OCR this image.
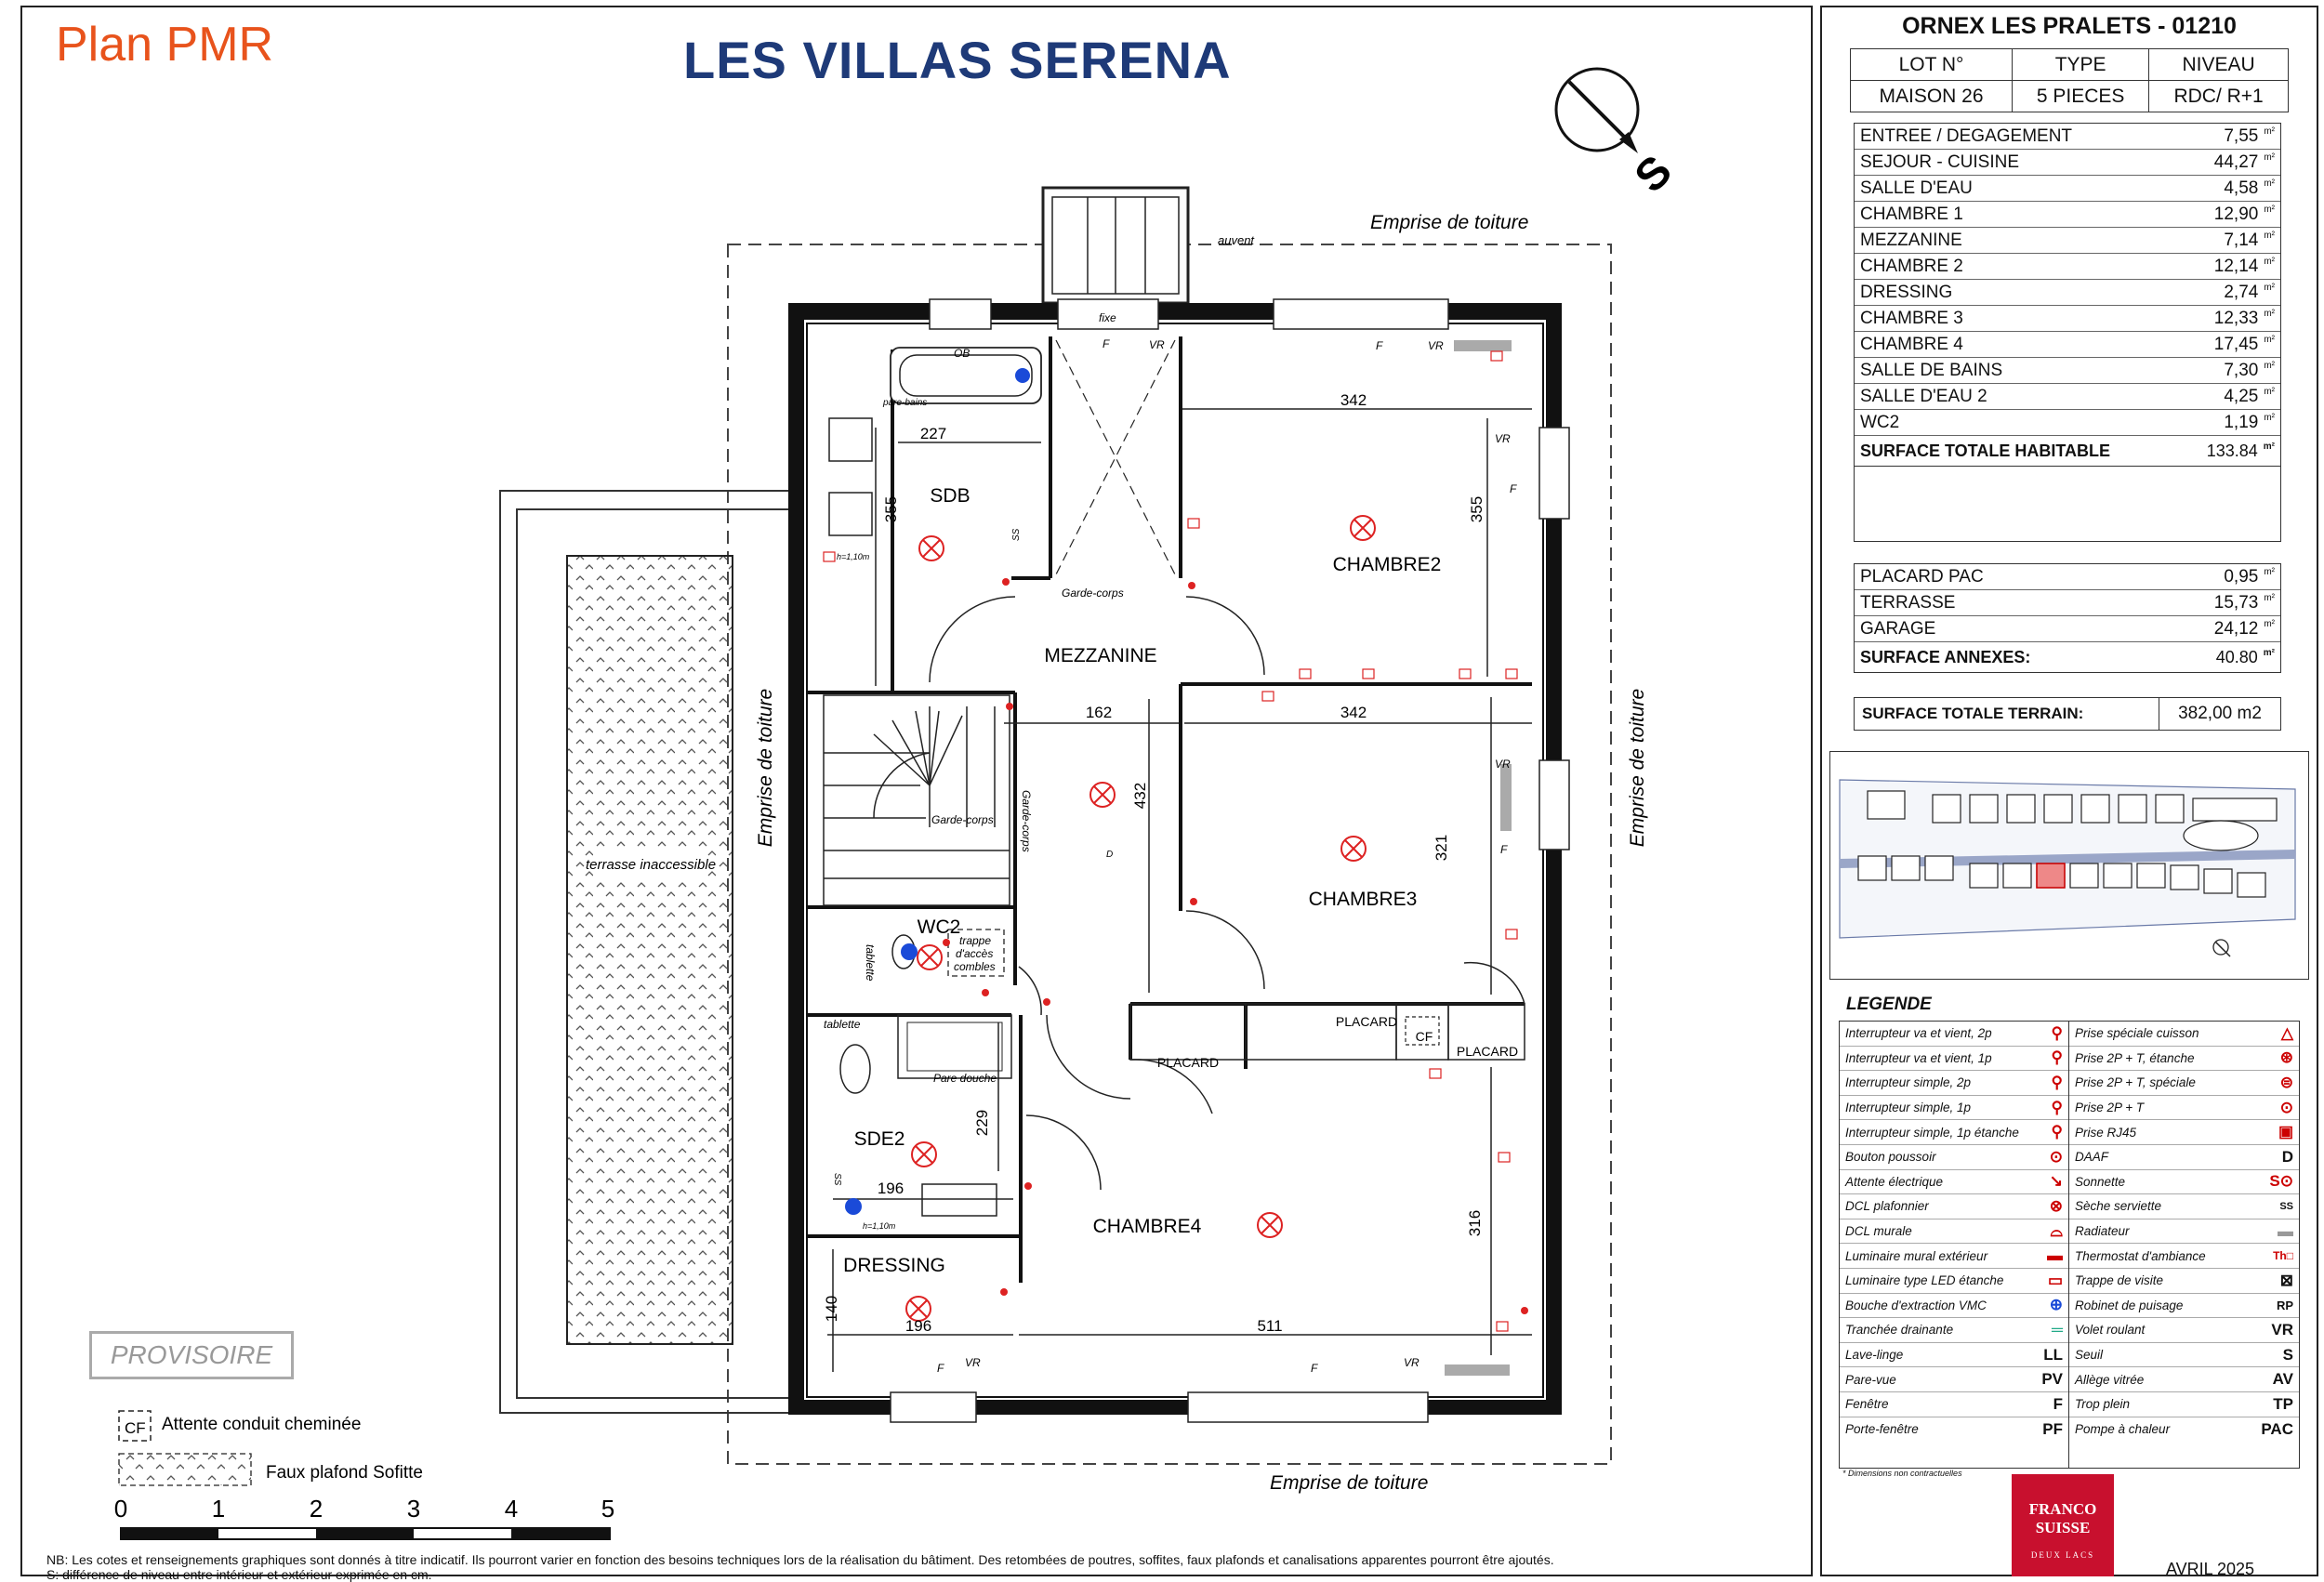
Plan PMR	LES VILLAS SERENA
S
terrasse inaccessible
auvent
SDB
CHAMBRE2
MEZZANINE
CHAMBRE3
WC2
SDE2
CHAMBRE4
DRESSING
PLACARD
PLACARD
PLACARD
CF
342
227
355	355
162	342
432
321
229
196
316
140
196	511
fixe
Garde-corps
Garde-corps
Garde-corps
pare-bains
Pare douche
tablette
tablette
trappe
d'accès
combles
h=1,10m
h=1,10m
VR	VR
VR
VR
VR	VR
F
F
F
F
F	F
SS
SS
OB
D
Emprise de toiture
Emprise de toiture
Emprise de toiture	Emprise de toiture
CF Attente conduit cheminée
Faux plafond Sofitte
0	1	2	3	4	5
PROVISOIRE
NB: Les cotes et renseignements graphiques sont donnés à titre indicatif. Ils pourront varier en fonction des besoins techniques lors de la réalisation du bâtiment. Des retombées de poutres, soffites, faux plafonds et canalisations apparentes pourront être ajoutés.
S: différence de niveau entre intérieur et extérieur exprimée en cm.
ORNEX LES PRALETS - 01210
LOT N°	TYPE	NIVEAU
MAISON 26	5 PIECES	RDC/ R+1
ENTREE / DEGAGEMENT	7,55 $^{m^2}$
SEJOUR - CUISINE	44,27 $^{m^2}$
SALLE D'EAU	4,58 $^{m^2}$
CHAMBRE 1	12,90 $^{m^2}$
MEZZANINE	7,14 $^{m^2}$
CHAMBRE 2	12,14 $^{m^2}$
DRESSING	2,74 $^{m^2}$
CHAMBRE 3	12,33 $^{m^2}$
CHAMBRE 4	17,45 $^{m^2}$
SALLE DE BAINS	7,30 $^{m^2}$
SALLE D'EAU 2	4,25 $^{m^2}$
WC2	1,19 $^{m^2}$
SURFACE TOTALE HABITABLE	133.84 $^{m^2}$
PLACARD PAC	0,95 $^{m^2}$
TERRASSE	15,73 $^{m^2}$
GARAGE	24,12 $^{m^2}$
SURFACE ANNEXES:	40.80 $^{m^2}$
SURFACE TOTALE TERRAIN:	382,00 m2
LEGENDE
Interrupteur va et vient, 2p	⚲
Interrupteur va et vient, 1p	⚲
Interrupteur simple, 2p	⚲
Interrupteur simple, 1p	⚲
Interrupteur simple, 1p étanche ⚲
Bouton poussoir	⊙
Attente électrique	↘
DCL plafonnier	⊗
DCL murale	⌓
Luminaire mural extérieur	▬
Luminaire type LED étanche	▭
Bouche d'extraction VMC	⊕
Tranchée drainante	═
Lave-linge	LL
Pare-vue	PV
Fenêtre	F
Porte-fenêtre	PF
Prise spéciale cuisson	△
Prise 2P + T, étanche	⊛
Prise 2P + T, spéciale	⊜
Prise 2P + T	⊙
Prise RJ45	▣
DAAF	D
Sonnette	S⊙
Sèche serviette	SS
Radiateur	▬
Thermostat d'ambiance	Th□
Trappe de visite	⊠
Robinet de puisage	RP
Volet roulant	VR
Seuil	S
Allège vitrée	AV
Trop plein	TP
Pompe à chaleur	PAC
* Dimensions non contractuelles
FRANCO
SUISSE
DEUX LACS
AVRIL 2025
